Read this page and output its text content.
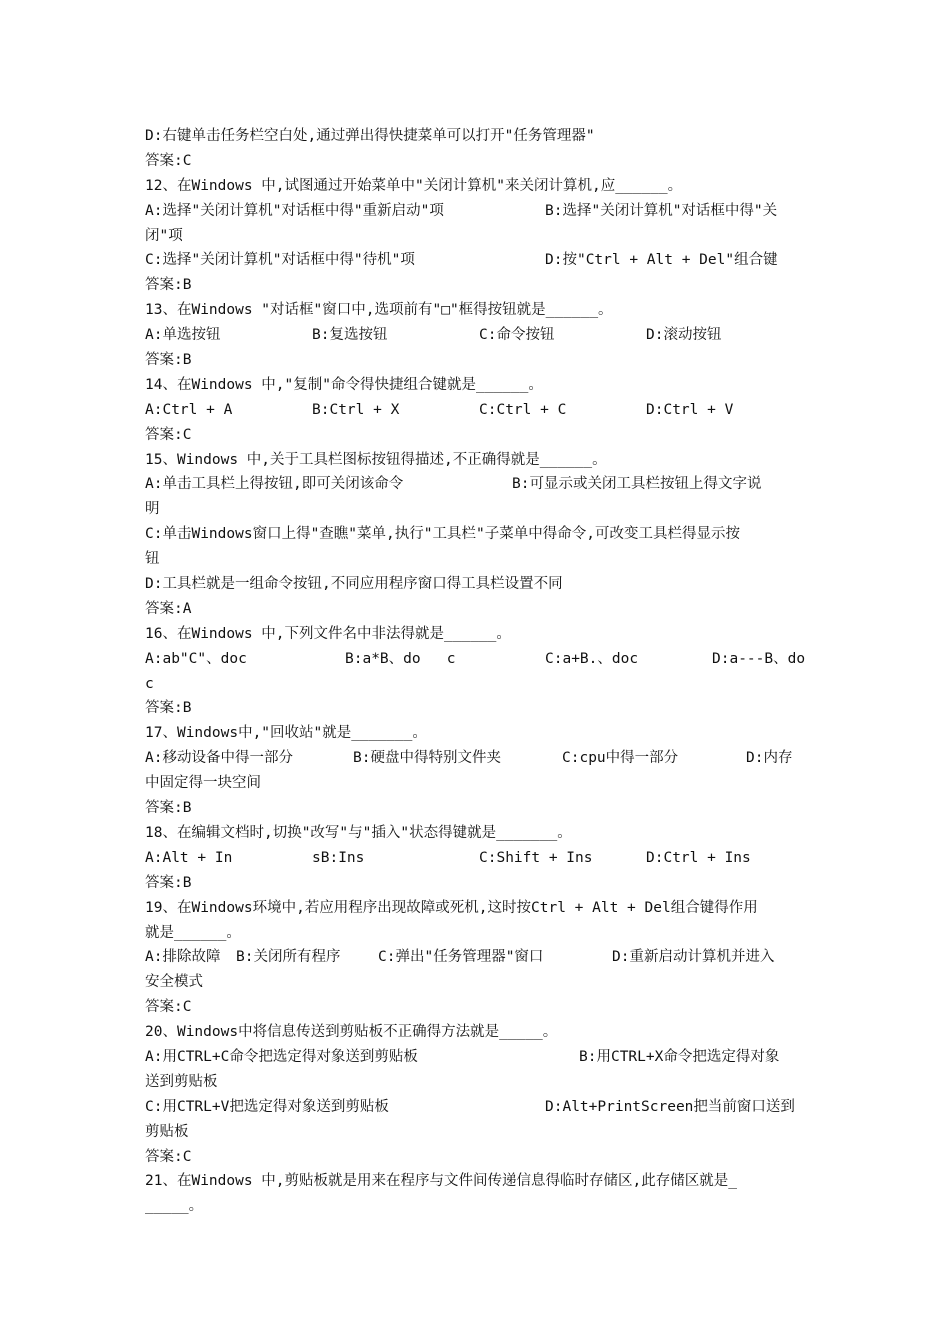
D:右键单击任务栏空白处,通过弹出得快捷菜单可以打开"任务管理器"
答案:C
12、在Windows 中,试图通过开始菜单中"关闭计算机"来关闭计算机,应______。
A:选择"关闭计算机"对话框中得"重新启动"项	B:选择"关闭计算机"对话框中得"关
闭"项
C:选择"关闭计算机"对话框中得"待机"项	D:按"Ctrl + Alt + Del"组合键
答案:B
13、在Windows "对话框"窗口中,选项前有"□"框得按钮就是______。
A:单选按钮	B:复选按钮	C:命令按钮	D:滚动按钮
答案:B
14、在Windows 中,"复制"命令得快捷组合键就是______。
A:Ctrl + A	B:Ctrl + X	C:Ctrl + C	D:Ctrl + V
答案:C
15、Windows 中,关于工具栏图标按钮得描述,不正确得就是______。
A:单击工具栏上得按钮,即可关闭该命令	B:可显示或关闭工具栏按钮上得文字说
明
C:单击Windows窗口上得"查瞧"菜单,执行"工具栏"子菜单中得命令,可改变工具栏得显示按
钮
D:工具栏就是一组命令按钮,不同应用程序窗口得工具栏设置不同
答案:A
16、在Windows 中,下列文件名中非法得就是______。
A:ab"C"、doc	B:a*B、do   c	C:a+B.、doc	D:a---B、do
c
答案:B
17、Windows中,"回收站"就是_______。
A:移动设备中得一部分	B:硬盘中得特别文件夹	C:cpu中得一部分	D:内存
中固定得一块空间
答案:B
18、在编辑文档时,切换"改写"与"插入"状态得键就是_______。
A:Alt + In	sB:Ins	C:Shift + Ins	D:Ctrl + Ins
答案:B
19、在Windows环境中,若应用程序出现故障或死机,这时按Ctrl + Alt + Del组合键得作用
就是______。
A:排除故障 B:关闭所有程序	C:弹出"任务管理器"窗口	D:重新启动计算机并进入
安全模式
答案:C
20、Windows中将信息传送到剪贴板不正确得方法就是_____。
A:用CTRL+C命令把选定得对象送到剪贴板	B:用CTRL+X命令把选定得对象
送到剪贴板
C:用CTRL+V把选定得对象送到剪贴板	D:Alt+PrintScreen把当前窗口送到
剪贴板
答案:C
21、在Windows 中,剪贴板就是用来在程序与文件间传递信息得临时存储区,此存储区就是_
_____。
